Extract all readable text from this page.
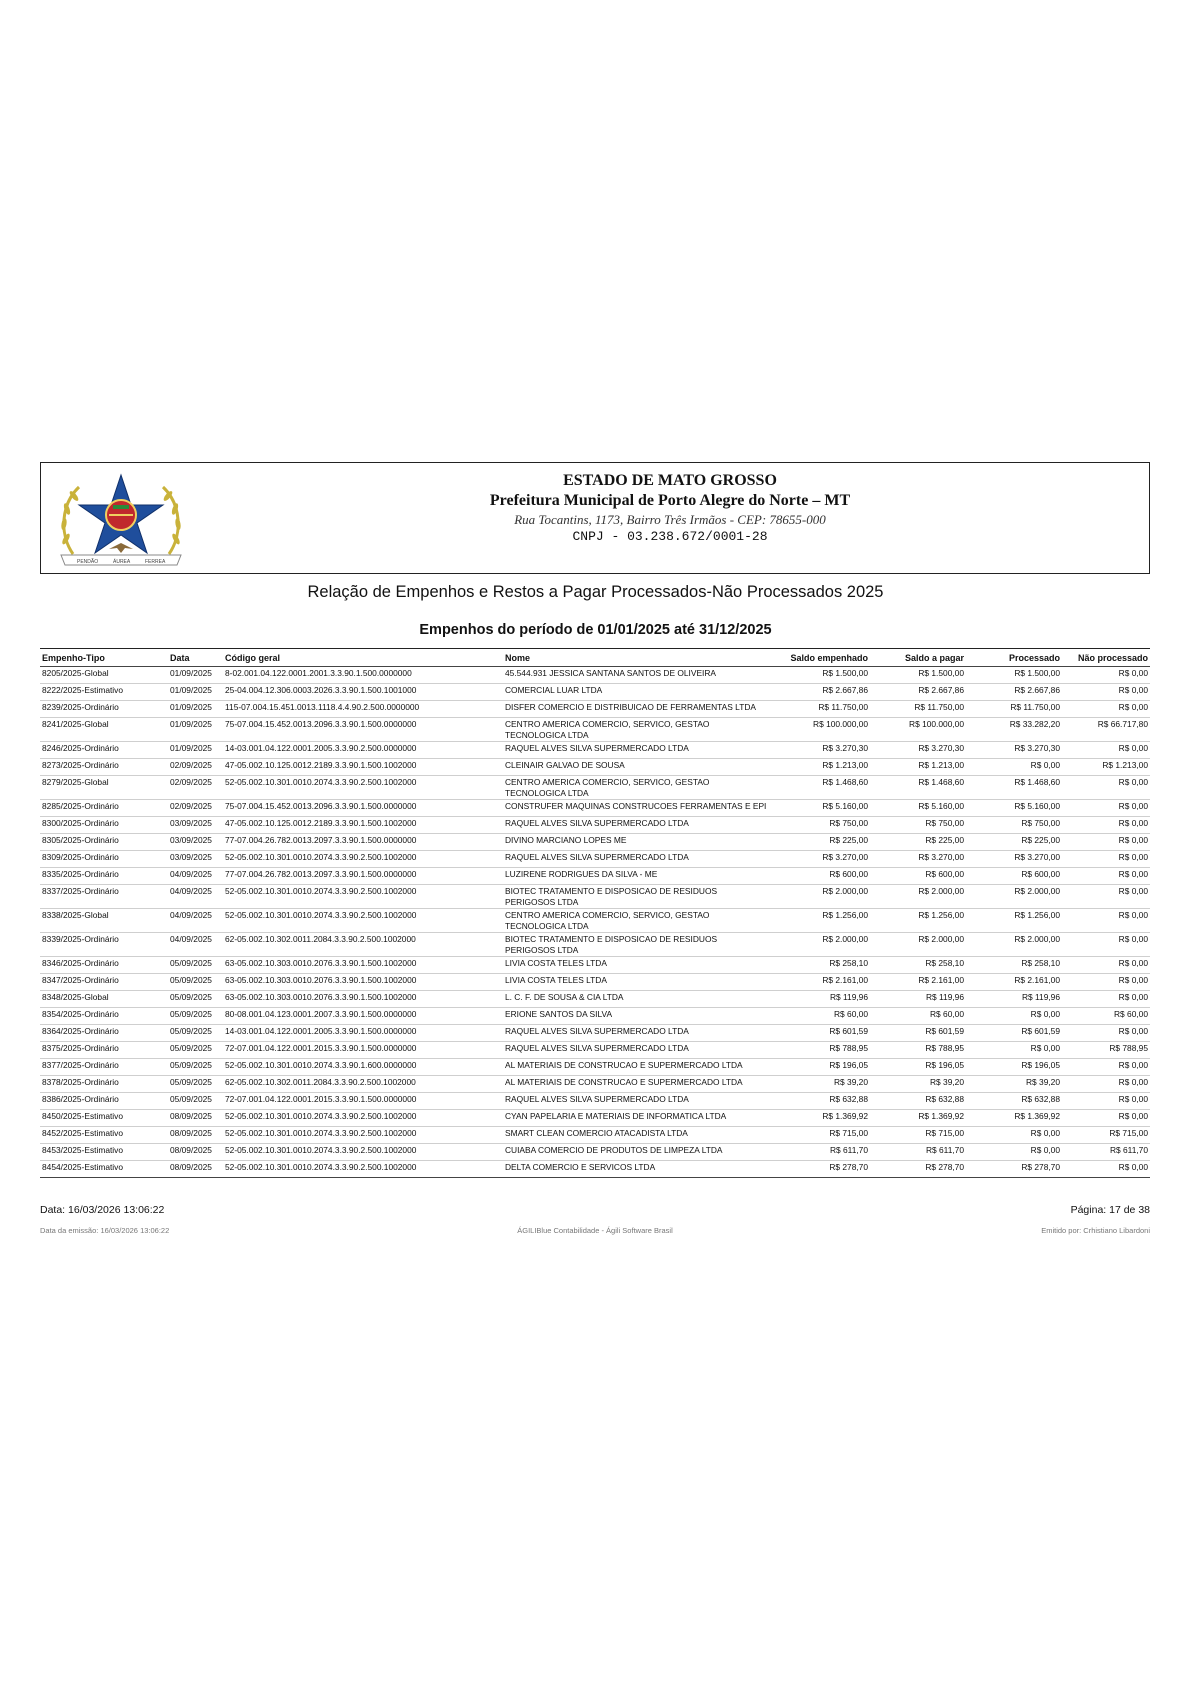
PENDÃO	ÁUREA	FERREA
ESTADO DE MATO GROSSO
Prefeitura Municipal de Porto Alegre do Norte – MT
Rua Tocantins, 1173, Bairro Três Irmãos - CEP: 78655-000
CNPJ - 03.238.672/0001-28
Relação de Empenhos e Restos a Pagar Processados-Não Processados 2025
Empenhos do período de 01/01/2025 até 31/12/2025
Empenho-Tipo	Data	Código geral	Nome	Saldo empenhado	Saldo a pagar	Processado	Não processado
8205/2025-Global	01/09/2025	8-02.001.04.122.0001.2001.3.3.90.1.500.0000000	45.544.931 JESSICA SANTANA SANTOS DE OLIVEIRA	R$ 1.500,00	R$ 1.500,00	R$ 1.500,00	R$ 0,00
8222/2025-Estimativo	01/09/2025	25-04.004.12.306.0003.2026.3.3.90.1.500.1001000	COMERCIAL LUAR LTDA	R$ 2.667,86	R$ 2.667,86	R$ 2.667,86	R$ 0,00
8239/2025-Ordinário	01/09/2025	115-07.004.15.451.0013.1118.4.4.90.2.500.0000000	DISFER COMERCIO E DISTRIBUICAO DE FERRAMENTAS LTDA	R$ 11.750,00	R$ 11.750,00	R$ 11.750,00	R$ 0,00
8241/2025-Global	01/09/2025	75-07.004.15.452.0013.2096.3.3.90.1.500.0000000	CENTRO AMERICA COMERCIO, SERVICO, GESTAO TECNOLOGICA LTDA	R$ 100.000,00	R$ 100.000,00	R$ 33.282,20	R$ 66.717,80
8246/2025-Ordinário	01/09/2025	14-03.001.04.122.0001.2005.3.3.90.2.500.0000000	RAQUEL ALVES SILVA SUPERMERCADO LTDA	R$ 3.270,30	R$ 3.270,30	R$ 3.270,30	R$ 0,00
8273/2025-Ordinário	02/09/2025	47-05.002.10.125.0012.2189.3.3.90.1.500.1002000	CLEINAIR GALVAO DE SOUSA	R$ 1.213,00	R$ 1.213,00	R$ 0,00	R$ 1.213,00
8279/2025-Global	02/09/2025	52-05.002.10.301.0010.2074.3.3.90.2.500.1002000	CENTRO AMERICA COMERCIO, SERVICO, GESTAO TECNOLOGICA LTDA	R$ 1.468,60	R$ 1.468,60	R$ 1.468,60	R$ 0,00
8285/2025-Ordinário	02/09/2025	75-07.004.15.452.0013.2096.3.3.90.1.500.0000000	CONSTRUFER MAQUINAS CONSTRUCOES FERRAMENTAS E EPI	R$ 5.160,00	R$ 5.160,00	R$ 5.160,00	R$ 0,00
8300/2025-Ordinário	03/09/2025	47-05.002.10.125.0012.2189.3.3.90.1.500.1002000	RAQUEL ALVES SILVA SUPERMERCADO LTDA	R$ 750,00	R$ 750,00	R$ 750,00	R$ 0,00
8305/2025-Ordinário	03/09/2025	77-07.004.26.782.0013.2097.3.3.90.1.500.0000000	DIVINO MARCIANO LOPES ME	R$ 225,00	R$ 225,00	R$ 225,00	R$ 0,00
8309/2025-Ordinário	03/09/2025	52-05.002.10.301.0010.2074.3.3.90.2.500.1002000	RAQUEL ALVES SILVA SUPERMERCADO LTDA	R$ 3.270,00	R$ 3.270,00	R$ 3.270,00	R$ 0,00
8335/2025-Ordinário	04/09/2025	77-07.004.26.782.0013.2097.3.3.90.1.500.0000000	LUZIRENE RODRIGUES DA SILVA - ME	R$ 600,00	R$ 600,00	R$ 600,00	R$ 0,00
8337/2025-Ordinário	04/09/2025	52-05.002.10.301.0010.2074.3.3.90.2.500.1002000	BIOTEC TRATAMENTO E DISPOSICAO DE RESIDUOS PERIGOSOS LTDA	R$ 2.000,00	R$ 2.000,00	R$ 2.000,00	R$ 0,00
8338/2025-Global	04/09/2025	52-05.002.10.301.0010.2074.3.3.90.2.500.1002000	CENTRO AMERICA COMERCIO, SERVICO, GESTAO TECNOLOGICA LTDA	R$ 1.256,00	R$ 1.256,00	R$ 1.256,00	R$ 0,00
8339/2025-Ordinário	04/09/2025	62-05.002.10.302.0011.2084.3.3.90.2.500.1002000	BIOTEC TRATAMENTO E DISPOSICAO DE RESIDUOS PERIGOSOS LTDA	R$ 2.000,00	R$ 2.000,00	R$ 2.000,00	R$ 0,00
8346/2025-Ordinário	05/09/2025	63-05.002.10.303.0010.2076.3.3.90.1.500.1002000	LIVIA COSTA TELES LTDA	R$ 258,10	R$ 258,10	R$ 258,10	R$ 0,00
8347/2025-Ordinário	05/09/2025	63-05.002.10.303.0010.2076.3.3.90.1.500.1002000	LIVIA COSTA TELES LTDA	R$ 2.161,00	R$ 2.161,00	R$ 2.161,00	R$ 0,00
8348/2025-Global	05/09/2025	63-05.002.10.303.0010.2076.3.3.90.1.500.1002000	L. C. F. DE SOUSA & CIA LTDA	R$ 119,96	R$ 119,96	R$ 119,96	R$ 0,00
8354/2025-Ordinário	05/09/2025	80-08.001.04.123.0001.2007.3.3.90.1.500.0000000	ERIONE SANTOS DA SILVA	R$ 60,00	R$ 60,00	R$ 0,00	R$ 60,00
8364/2025-Ordinário	05/09/2025	14-03.001.04.122.0001.2005.3.3.90.1.500.0000000	RAQUEL ALVES SILVA SUPERMERCADO LTDA	R$ 601,59	R$ 601,59	R$ 601,59	R$ 0,00
8375/2025-Ordinário	05/09/2025	72-07.001.04.122.0001.2015.3.3.90.1.500.0000000	RAQUEL ALVES SILVA SUPERMERCADO LTDA	R$ 788,95	R$ 788,95	R$ 0,00	R$ 788,95
8377/2025-Ordinário	05/09/2025	52-05.002.10.301.0010.2074.3.3.90.1.600.0000000	AL MATERIAIS DE CONSTRUCAO E SUPERMERCADO LTDA	R$ 196,05	R$ 196,05	R$ 196,05	R$ 0,00
8378/2025-Ordinário	05/09/2025	62-05.002.10.302.0011.2084.3.3.90.2.500.1002000	AL MATERIAIS DE CONSTRUCAO E SUPERMERCADO LTDA	R$ 39,20	R$ 39,20	R$ 39,20	R$ 0,00
8386/2025-Ordinário	05/09/2025	72-07.001.04.122.0001.2015.3.3.90.1.500.0000000	RAQUEL ALVES SILVA SUPERMERCADO LTDA	R$ 632,88	R$ 632,88	R$ 632,88	R$ 0,00
8450/2025-Estimativo	08/09/2025	52-05.002.10.301.0010.2074.3.3.90.2.500.1002000	CYAN PAPELARIA E MATERIAIS DE INFORMATICA LTDA	R$ 1.369,92	R$ 1.369,92	R$ 1.369,92	R$ 0,00
8452/2025-Estimativo	08/09/2025	52-05.002.10.301.0010.2074.3.3.90.2.500.1002000	SMART CLEAN COMERCIO ATACADISTA LTDA	R$ 715,00	R$ 715,00	R$ 0,00	R$ 715,00
8453/2025-Estimativo	08/09/2025	52-05.002.10.301.0010.2074.3.3.90.2.500.1002000	CUIABA COMERCIO DE PRODUTOS DE LIMPEZA LTDA	R$ 611,70	R$ 611,70	R$ 0,00	R$ 611,70
8454/2025-Estimativo	08/09/2025	52-05.002.10.301.0010.2074.3.3.90.2.500.1002000	DELTA COMERCIO E SERVICOS LTDA	R$ 278,70	R$ 278,70	R$ 278,70	R$ 0,00
Data: 16/03/2026 13:06:22	Página: 17 de 38
Data da emissão: 16/03/2026 13:06:22	ÁGILIBlue Contabilidade - Ágili Software Brasil	Emitido por: Crhistiano Libardoni
